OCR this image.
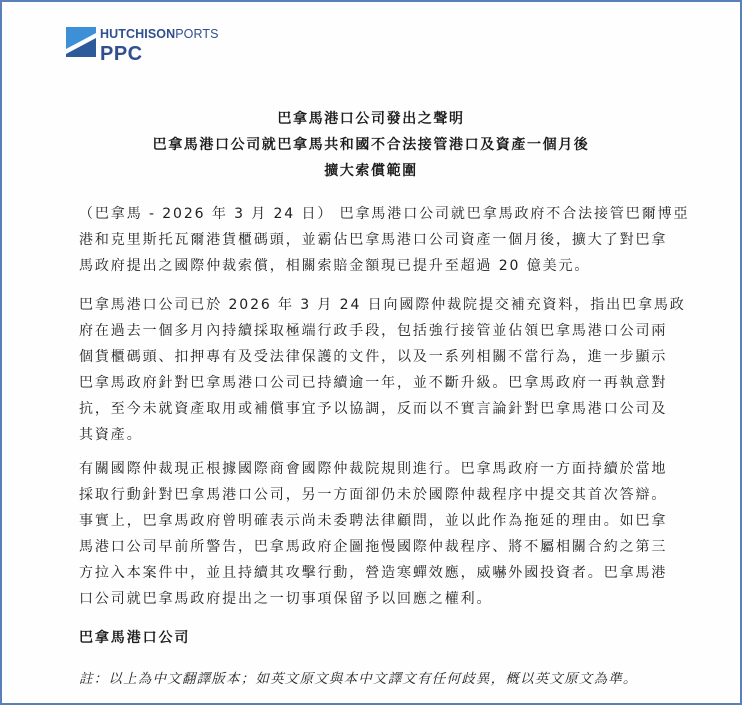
HUTCHISONPORTS
PPC
巴拿馬港口公司發出之聲明
巴拿馬港口公司就巴拿馬共和國不合法接管港口及資產一個月後
擴大索償範圍
（巴拿馬 - 2026 年 3 月 24 日） 巴拿馬港口公司就巴拿馬政府不合法接管巴爾博亞
港和克里斯托瓦爾港貨櫃碼頭，並霸佔巴拿馬港口公司資產一個月後，擴大了對巴拿
馬政府提出之國際仲裁索償，相關索賠金額現已提升至超過 20 億美元。
巴拿馬港口公司已於 2026 年 3 月 24 日向國際仲裁院提交補充資料，指出巴拿馬政
府在過去一個多月內持續採取極端行政手段，包括強行接管並佔領巴拿馬港口公司兩
個貨櫃碼頭、扣押專有及受法律保護的文件，以及一系列相關不當行為，進一步顯示
巴拿馬政府針對巴拿馬港口公司已持續逾一年，並不斷升級。巴拿馬政府一再執意對
抗，至今未就資產取用或補償事宜予以協調，反而以不實言論針對巴拿馬港口公司及
其資產。
有關國際仲裁現正根據國際商會國際仲裁院規則進行。巴拿馬政府一方面持續於當地
採取行動針對巴拿馬港口公司，另一方面卻仍未於國際仲裁程序中提交其首次答辯。
事實上，巴拿馬政府曾明確表示尚未委聘法律顧問，並以此作為拖延的理由。如巴拿
馬港口公司早前所警告，巴拿馬政府企圖拖慢國際仲裁程序、將不屬相關合約之第三
方拉入本案件中，並且持續其攻擊行動，營造寒蟬效應，威嚇外國投資者。巴拿馬港
口公司就巴拿馬政府提出之一切事項保留予以回應之權利。
巴拿馬港口公司
註：以上為中文翻譯版本；如英文原文與本中文譯文有任何歧異，概以英文原文為準。
